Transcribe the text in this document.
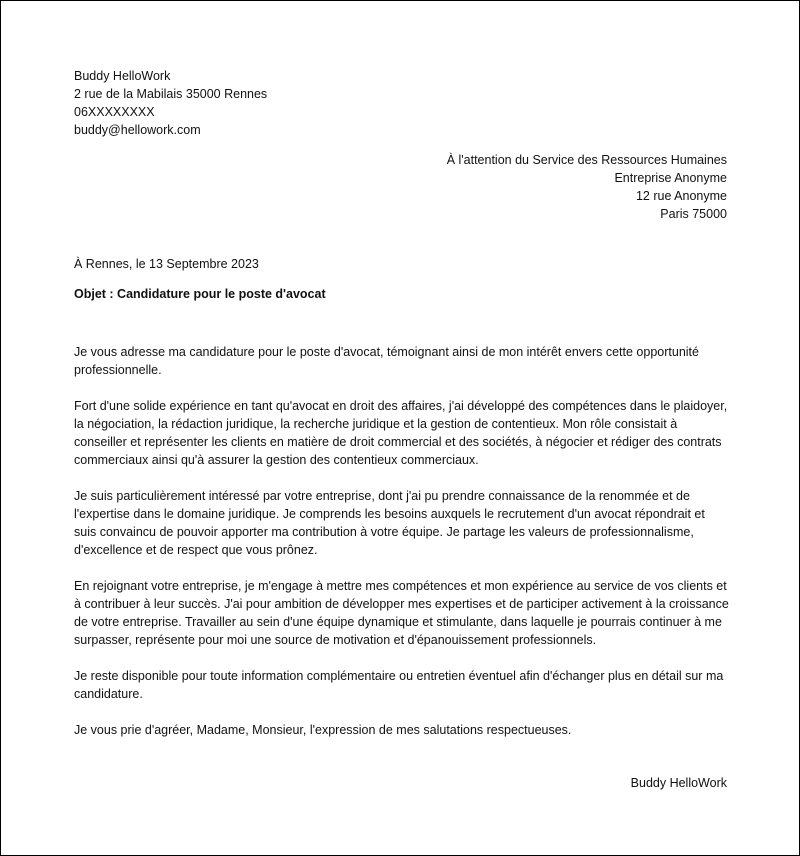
Buddy HelloWork
2 rue de la Mabilais 35000 Rennes
06XXXXXXXX
buddy@hellowork.com
À l'attention du Service des Ressources Humaines
Entreprise Anonyme
12 rue Anonyme
Paris 75000
À Rennes, le 13 Septembre 2023
Objet : Candidature pour le poste d'avocat

Je vous adresse ma candidature pour le poste d'avocat, témoignant ainsi de mon intérêt envers cette opportunité professionnelle.

Fort d'une solide expérience en tant qu'avocat en droit des affaires, j'ai développé des compétences dans le plaidoyer, la négociation, la rédaction juridique, la recherche juridique et la gestion de contentieux. Mon rôle consistait à conseiller et représenter les clients en matière de droit commercial et des sociétés, à négocier et rédiger des contrats commerciaux ainsi qu'à assurer la gestion des contentieux commerciaux.

Je suis particulièrement intéressé par votre entreprise, dont j'ai pu prendre connaissance de la renommée et de l'expertise dans le domaine juridique. Je comprends les besoins auxquels le recrutement d'un avocat répondrait et suis convaincu de pouvoir apporter ma contribution à votre équipe. Je partage les valeurs de professionnalisme, d'excellence et de respect que vous prônez.

En rejoignant votre entreprise, je m'engage à mettre mes compétences et mon expérience au service de vos clients et à contribuer à leur succès. J'ai pour ambition de développer mes expertises et de participer activement à la croissance de votre entreprise. Travailler au sein d'une équipe dynamique et stimulante, dans laquelle je pourrais continuer à me surpasser, représente pour moi une source de motivation et d'épanouissement professionnels.

Je reste disponible pour toute information complémentaire ou entretien éventuel afin d'échanger plus en détail sur ma candidature.

Je vous prie d'agréer, Madame, Monsieur, l'expression de mes salutations respectueuses.

Buddy HelloWork
